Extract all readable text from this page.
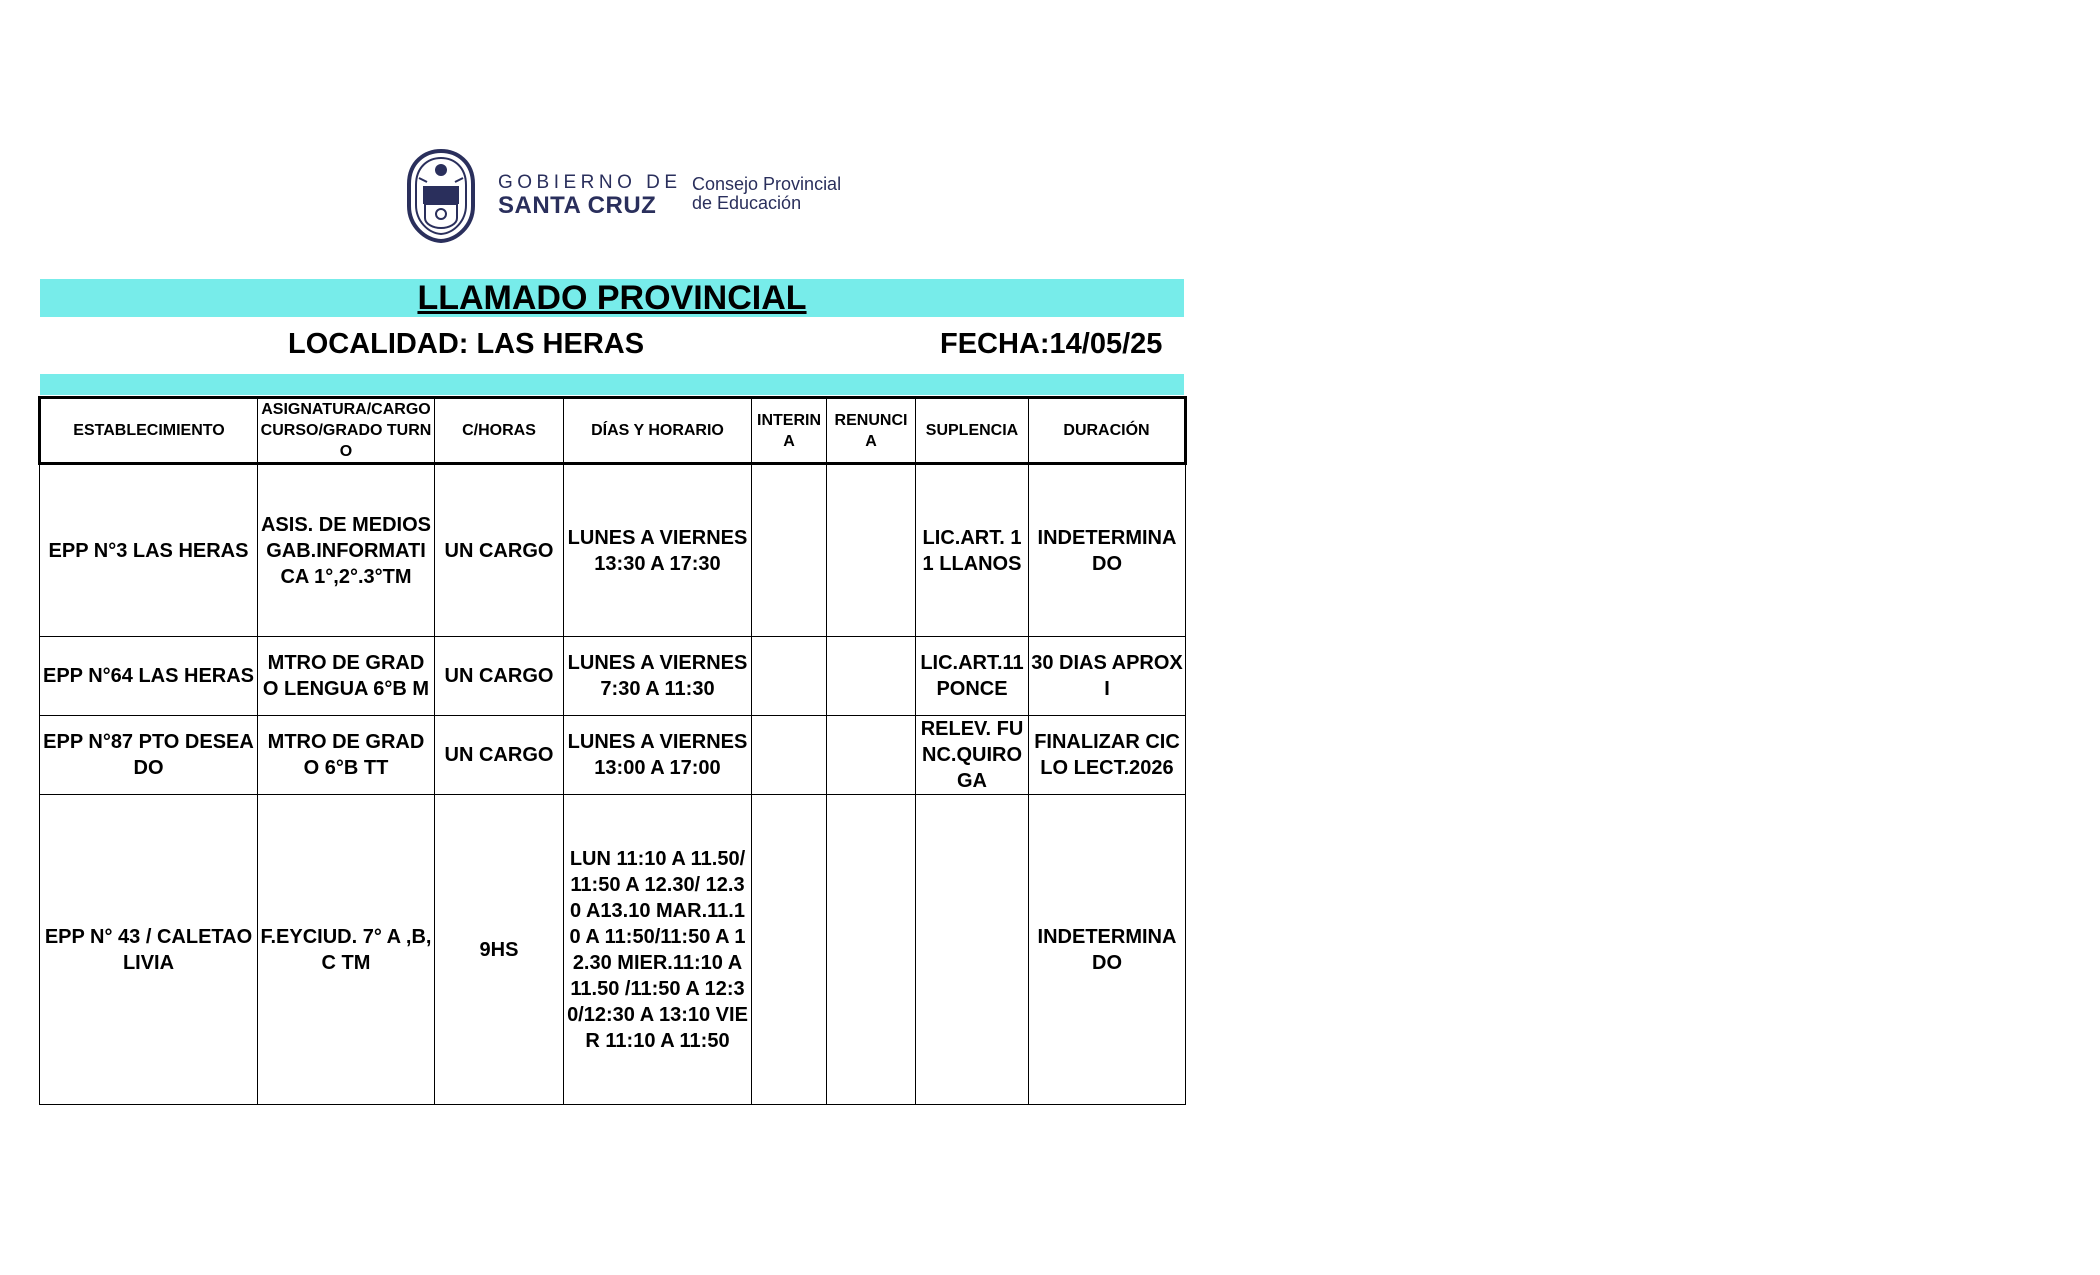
GOBIERNO DE
SANTA CRUZ
Consejo Provincial
de Educación
LLAMADO PROVINCIAL
LOCALIDAD: LAS HERAS	FECHA:14/05/25
ESTABLECIMIENTO	ASIGNATURA/CARGO CURSO/GRADO TURNO	C/HORAS	DÍAS Y HORARIO	INTERINA	RENUNCIA	SUPLENCIA	DURACIÓN
EPP N°3 LAS HERAS	ASIS. DE MEDIOS GAB.INFORMATICA 1°,2°.3°TM	UN CARGO	LUNES A VIERNES 13:30 A 17:30			LIC.ART. 11 LLANOS	INDETERMINADO
EPP N°64 LAS HERAS	MTRO DE GRADO LENGUA 6°B M	UN CARGO	LUNES A VIERNES 7:30 A 11:30			LIC.ART.11 PONCE	30 DIAS APROXI
EPP N°87 PTO DESEADO	MTRO DE GRADO 6°B TT	UN CARGO	LUNES A VIERNES 13:00 A 17:00			RELEV. FUNC.QUIROGA	FINALIZAR CICLO LECT.2026
EPP N° 43 / CALETAOLIVIA	F.EYCIUD. 7° A ,B,C TM	9HS	LUN 11:10 A 11.50/11:50 A 12.30/ 12.30 A13.10 MAR.11.10 A 11:50/11:50 A 12.30 MIER.11:10 A 11.50 /11:50 A 12:30/12:30 A 13:10 VIER 11:10 A 11:50				INDETERMINADO
